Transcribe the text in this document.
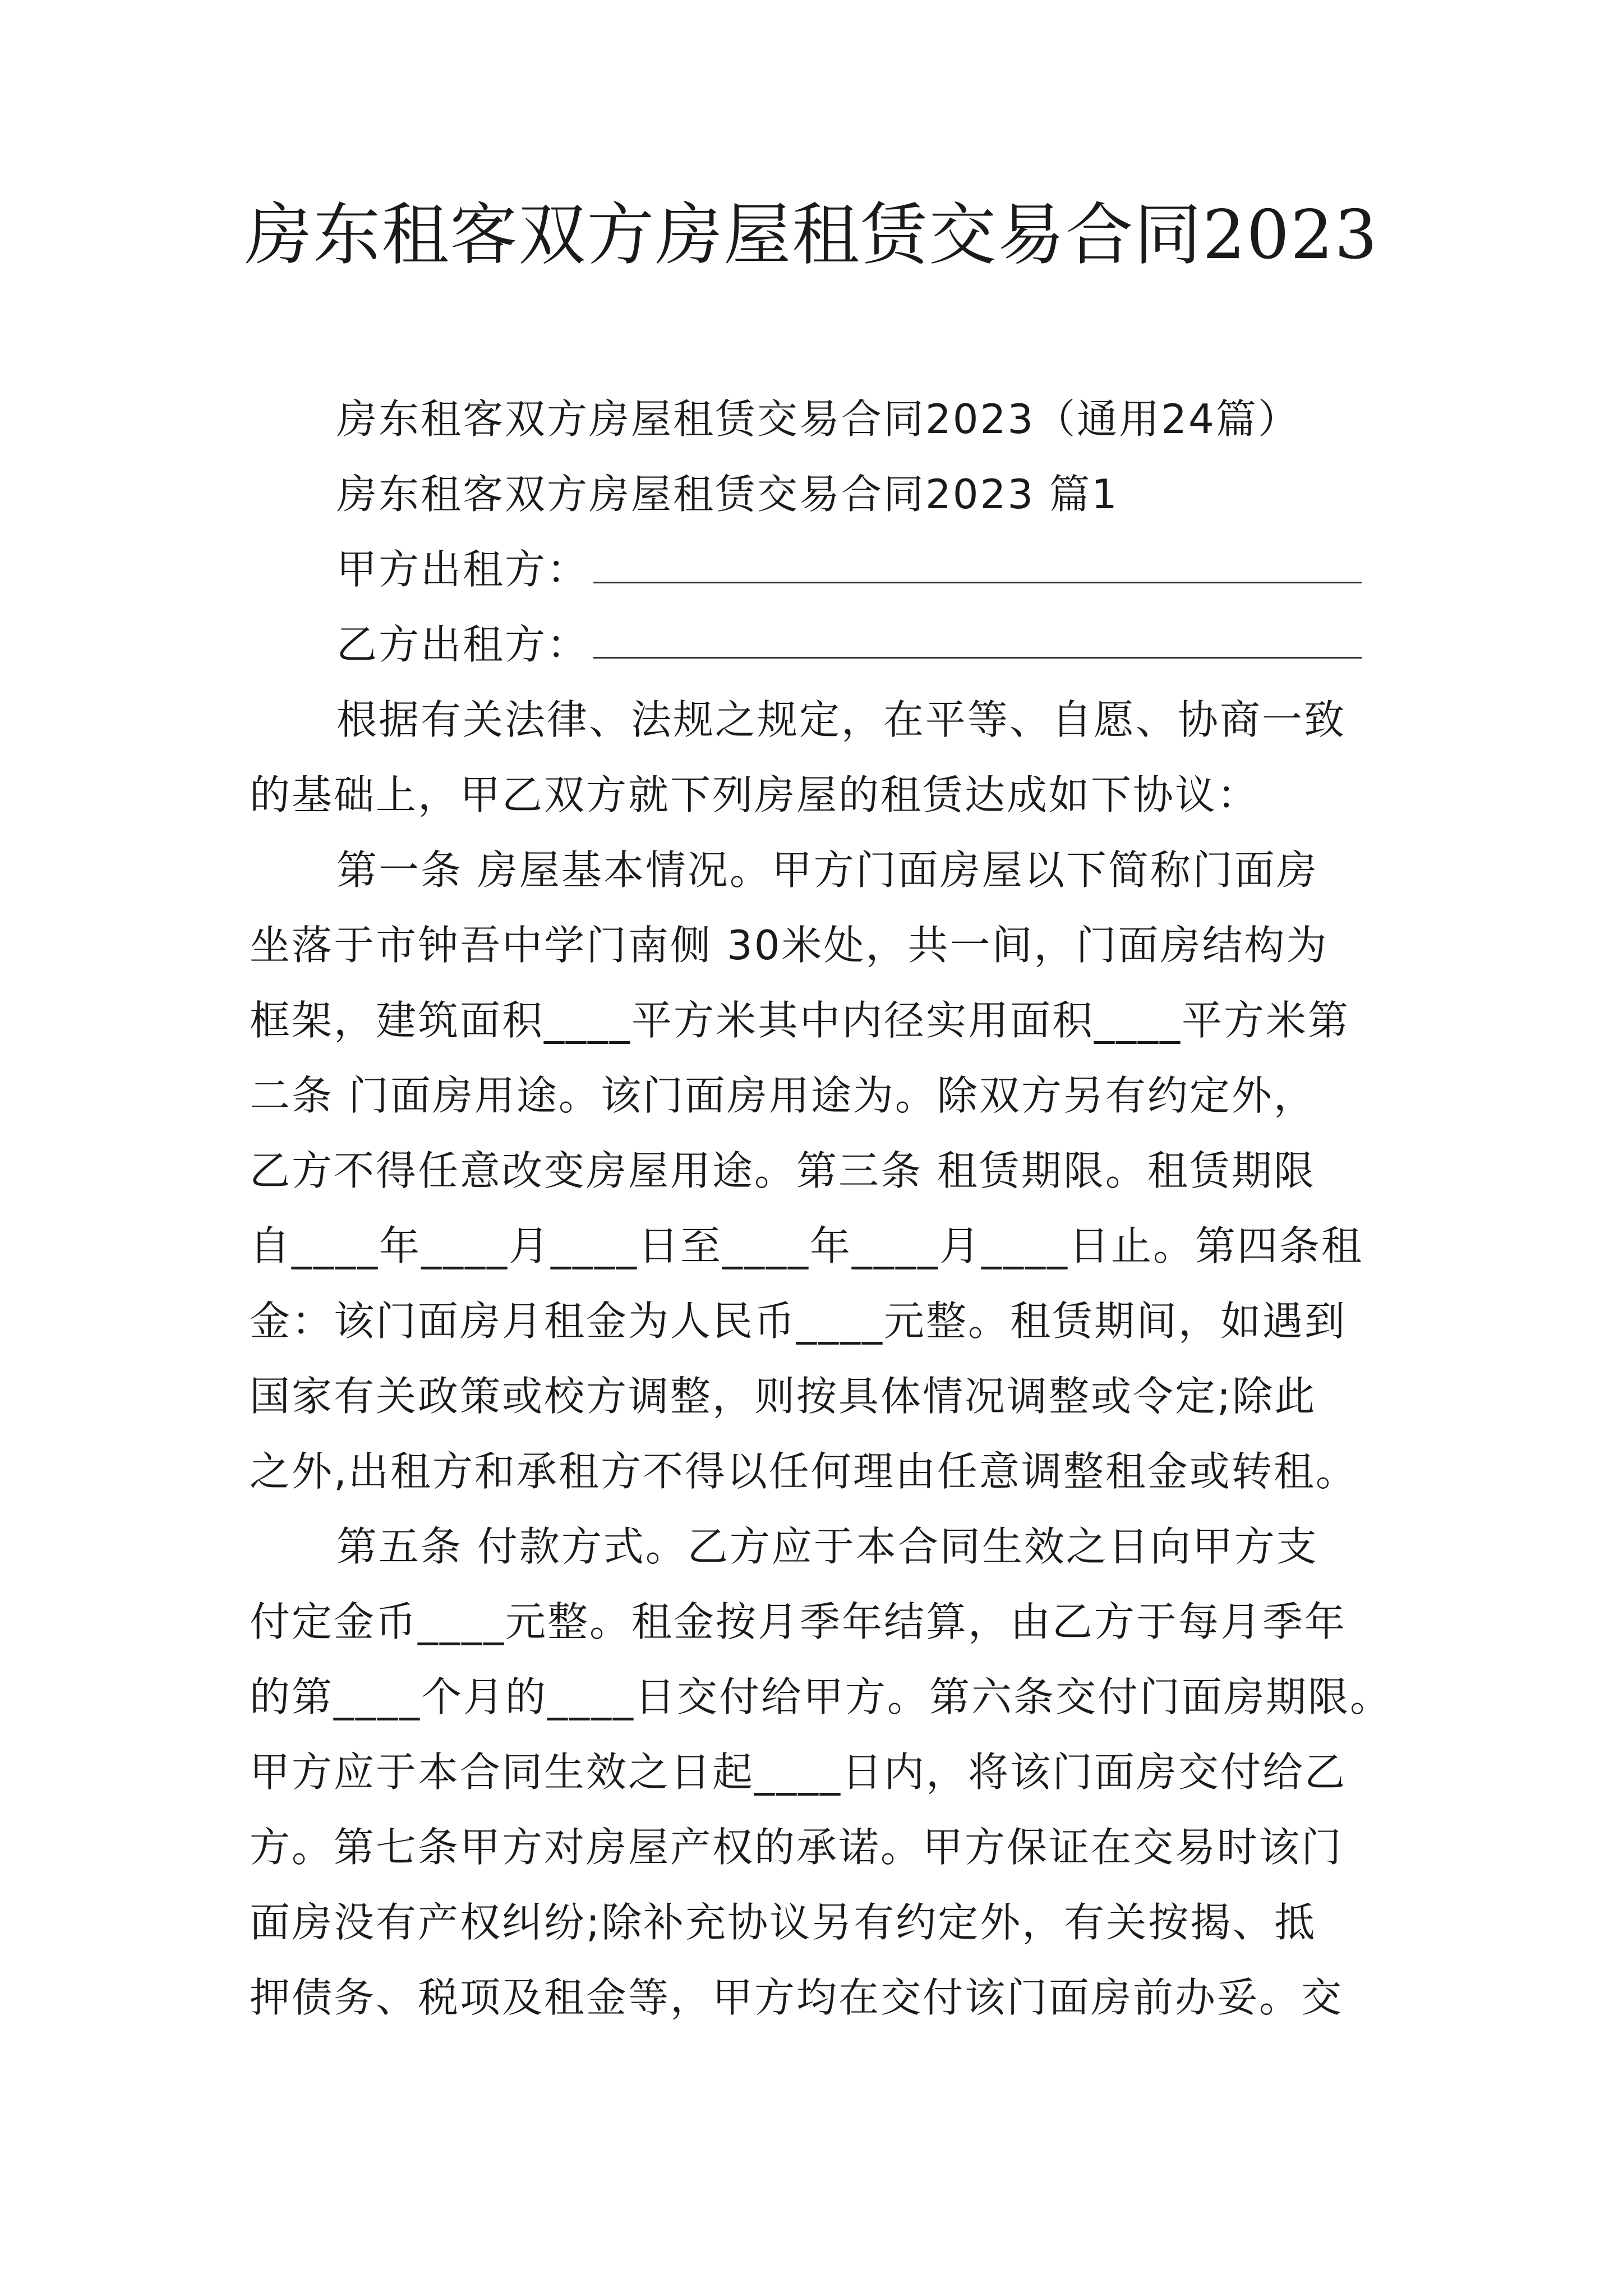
房东租客双方房屋租赁交易合同2023
房东租客双方房屋租赁交易合同2023（通用24篇）
房东租客双方房屋租赁交易合同2023 篇1
甲方出租方：
乙方出租方：
根据有关法律、法规之规定，在平等、自愿、协商一致
的基础上，甲乙双方就下列房屋的租赁达成如下协议：
第一条 房屋基本情况。甲方门面房屋以下简称门面房
坐落于市钟吾中学门南侧 30米处，共一间，门面房结构为
框架，建筑面积____平方米其中内径实用面积____平方米第
二条 门面房用途。该门面房用途为。除双方另有约定外，
乙方不得任意改变房屋用途。第三条 租赁期限。租赁期限
自____年____月____日至____年____月____日止。第四条租
金：该门面房月租金为人民币____元整。租赁期间，如遇到
国家有关政策或校方调整，则按具体情况调整或令定;除此
之外,出租方和承租方不得以任何理由任意调整租金或转租。
第五条 付款方式。乙方应于本合同生效之日向甲方支
付定金币____元整。租金按月季年结算，由乙方于每月季年
的第____个月的____日交付给甲方。第六条交付门面房期限。
甲方应于本合同生效之日起____日内，将该门面房交付给乙
方。第七条甲方对房屋产权的承诺。甲方保证在交易时该门
面房没有产权纠纷;除补充协议另有约定外，有关按揭、抵
押债务、税项及租金等，甲方均在交付该门面房前办妥。交
